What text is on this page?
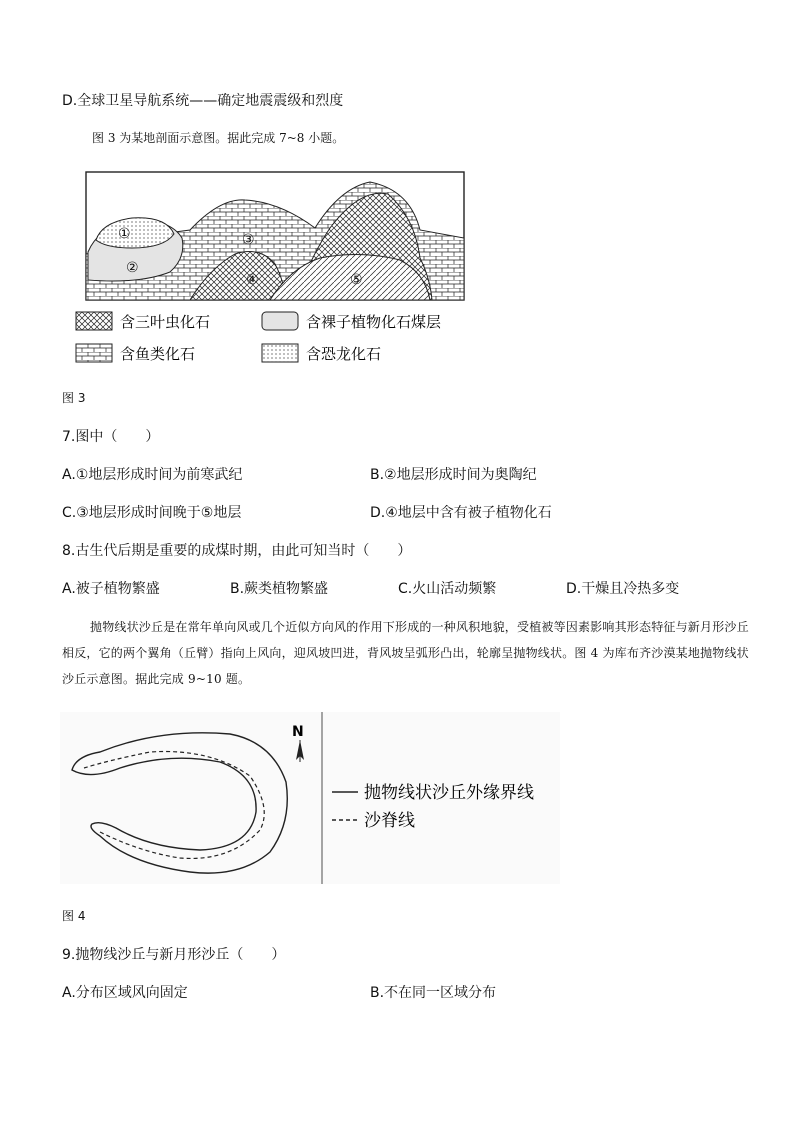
D.全球卫星导航系统——确定地震震级和烈度
图 3 为某地剖面示意图。据此完成 7~8 小题。
①
②
③
④	⑤
含三叶虫化石	含裸子植物化石煤层
含鱼类化石	含恐龙化石
图 3
7.图中（　　）
A.①地层形成时间为前寒武纪	B.②地层形成时间为奥陶纪
C.③地层形成时间晚于⑤地层	D.④地层中含有被子植物化石
8.古生代后期是重要的成煤时期，由此可知当时（　　）
A.被子植物繁盛	B.蕨类植物繁盛	C.火山活动频繁	D.干燥且冷热多变
抛物线状沙丘是在常年单向风或几个近似方向风的作用下形成的一种风积地貌，受植被等因素影响其形态特征与新月形沙丘相反，它的两个翼角（丘臂）指向上风向，迎风坡凹进，背风坡呈弧形凸出，轮廓呈抛物线状。图 4 为库布齐沙漠某地抛物线状沙丘示意图。据此完成 9~10 题。
N
抛物线状沙丘外缘界线
沙脊线
图 4
9.抛物线沙丘与新月形沙丘（　　）
A.分布区域风向固定	B.不在同一区域分布
